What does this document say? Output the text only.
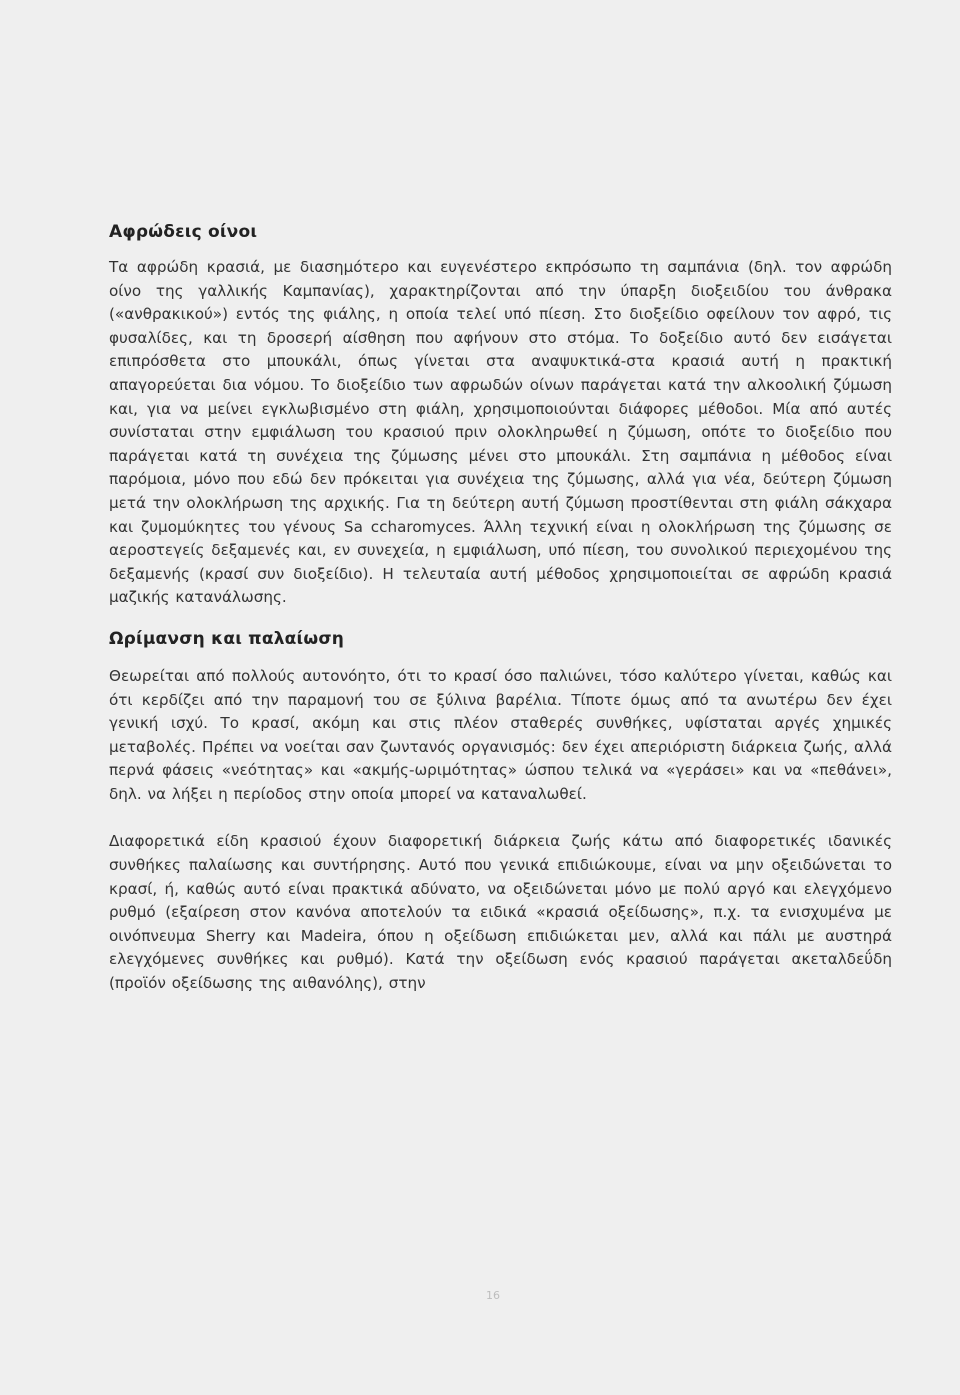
Αφρώδεις οίνοι

Τα αφρώδη κρασιά, με διασημότερο και ευγενέστερο εκπρόσωπο τη σαμπάνια (δηλ. τον αφρώδη οίνο της γαλλικής Καμπανίας), χαρακτηρίζονται από την ύπαρξη διοξειδίου του άνθρακα («ανθρακικού») εντός της φιάλης, η οποία τελεί υπό πίεση. Στο διοξείδιο οφείλουν τον αφρό, τις φυσαλίδες, και τη δροσερή αίσθηση που αφήνουν στο στόμα. Το δοξείδιο αυτό δεν εισάγεται επιπρόσθετα στο μπουκάλι, όπως γίνεται στα αναψυκτικά-στα κρασιά αυτή η πρακτική απαγορεύεται δια νόμου. Το διοξείδιο των αφρωδών οίνων παράγεται κατά την αλκοολική ζύμωση και, για να μείνει εγκλωβισμένο στη φιάλη, χρησιμοποιούνται διάφορες μέθοδοι. Μία από αυτές συνίσταται στην εμφιάλωση του κρασιού πριν ολοκληρωθεί η ζύμωση, οπότε το διοξείδιο που παράγεται κατά τη συνέχεια της ζύμωσης μένει στο μπουκάλι. Στη σαμπάνια η μέθοδος είναι παρόμοια, μόνο που εδώ δεν πρόκειται για συνέχεια της ζύμωσης, αλλά για νέα, δεύτερη ζύμωση μετά την ολοκλήρωση της αρχικής. Για τη δεύτερη αυτή ζύμωση προστίθενται στη φιάλη σάκχαρα και ζυμομύκητες του γένους Sa ccharomyces. Άλλη τεχνική είναι η ολοκλήρωση της ζύμωσης σε αεροστεγείς δεξαμενές και, εν συνεχεία, η εμφιάλωση, υπό πίεση, του συνολικού περιεχομένου της δεξαμενής (κρασί συν διοξείδιο). Η τελευταία αυτή μέθοδος χρησιμοποιείται σε αφρώδη κρασιά μαζικής κατανάλωσης.

Ωρίμανση και παλαίωση

Θεωρείται από πολλούς αυτονόητο, ότι το κρασί όσο παλιώνει, τόσο καλύτερο γίνεται, καθώς και ότι κερδίζει από την παραμονή του σε ξύλινα βαρέλια. Τίποτε όμως από τα ανωτέρω δεν έχει γενική ισχύ. Το κρασί, ακόμη και στις πλέον σταθερές συνθήκες, υφίσταται αργές χημικές μεταβολές. Πρέπει να νοείται σαν ζωντανός οργανισμός: δεν έχει απεριόριστη διάρκεια ζωής, αλλά περνά φάσεις «νεότητας» και «ακμής-ωριμότητας» ώσπου τελικά να «γεράσει» και να «πεθάνει», δηλ. να λήξει η περίοδος στην οποία μπορεί να καταναλωθεί.

Διαφορετικά είδη κρασιού έχουν διαφορετική διάρκεια ζωής κάτω από διαφορετικές ιδανικές συνθήκες παλαίωσης και συντήρησης. Αυτό που γενικά επιδιώκουμε, είναι να μην οξειδώνεται το κρασί, ή, καθώς αυτό είναι πρακτικά αδύνατο, να οξειδώνεται μόνο με πολύ αργό και ελεγχόμενο ρυθμό (εξαίρεση στον κανόνα αποτελούν τα ειδικά «κρασιά οξείδωσης», π.χ. τα ενισχυμένα με οινόπνευμα Sherry και Madeira, όπου η οξείδωση επιδιώκεται μεν, αλλά και πάλι με αυστηρά ελεγχόμενες συνθήκες και ρυθμό). Κατά την οξείδωση ενός κρασιού παράγεται ακεταλδεΰδη (προϊόν οξείδωσης της αιθανόλης), στην

16
